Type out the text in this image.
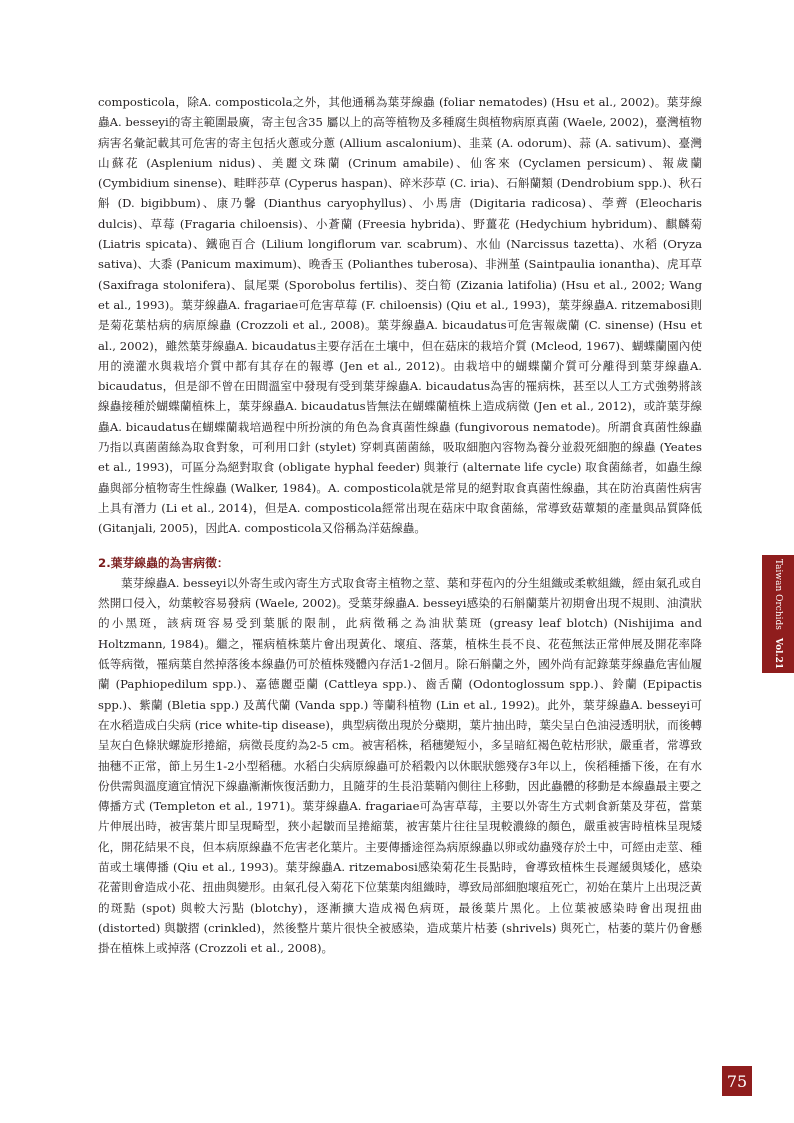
composticola，除A. composticola之外，其他通稱為葉芽線蟲 (foliar nematodes) (Hsu et al., 2002)。葉芽線蟲A. besseyi的寄主範圍最廣，寄主包含35 屬以上的高等植物及多種腐生與植物病原真菌 (Waele, 2002)，臺灣植物病害名彙記載其可危害的寄主包括火蔥或分蔥 (Allium ascalonium)、韭菜 (A. odorum)、蒜 (A. sativum)、臺灣山蘇花 (Asplenium nidus)、美麗文珠蘭 (Crinum amabile)、仙客來 (Cyclamen persicum)、報歲蘭 (Cymbidium sinense)、畦畔莎草 (Cyperus haspan)、碎米莎草 (C. iria)、石斛蘭類 (Dendrobium spp.)、秋石斛 (D. bigibbum)、康乃馨 (Dianthus caryophyllus)、小馬唐 (Digitaria radicosa)、荸薺 (Eleocharis dulcis)、草莓 (Fragaria chiloensis)、小蒼蘭 (Freesia hybrida)、野薑花 (Hedychium hybridum)、麒麟菊 (Liatris spicata)、鐵砲百合 (Lilium longiflorum var. scabrum)、水仙 (Narcissus tazetta)、水稻 (Oryza sativa)、大黍 (Panicum maximum)、晚香玉 (Polianthes tuberosa)、非洲堇 (Saintpaulia ionantha)、虎耳草 (Saxifraga stolonifera)、鼠尾粟 (Sporobolus fertilis)、茭白筍 (Zizania latifolia) (Hsu et al., 2002; Wang et al., 1993)。葉芽線蟲A. fragariae可危害草莓 (F. chiloensis) (Qiu et al., 1993)，葉芽線蟲A. ritzemabosi則是菊花葉枯病的病原線蟲 (Crozzoli et al., 2008)。葉芽線蟲A. bicaudatus可危害報歲蘭 (C. sinense) (Hsu et al., 2002)，雖然葉芽線蟲A. bicaudatus主要存活在土壤中，但在菇床的栽培介質 (Mcleod, 1967)、蝴蝶蘭園內使用的澆灌水與栽培介質中都有其存在的報導 (Jen et al., 2012)。由栽培中的蝴蝶蘭介質可分離得到葉芽線蟲A. bicaudatus，但是卻不曾在田間溫室中發現有受到葉芽線蟲A. bicaudatus為害的罹病株，甚至以人工方式強勢將該線蟲接種於蝴蝶蘭植株上，葉芽線蟲A. bicaudatus皆無法在蝴蝶蘭植株上造成病徵 (Jen et al., 2012)，或許葉芽線蟲A. bicaudatus在蝴蝶蘭栽培過程中所扮演的角色為食真菌性線蟲 (fungivorous nematode)。所謂食真菌性線蟲乃指以真菌菌絲為取食對象，可利用口針 (stylet) 穿刺真菌菌絲，吸取細胞內容物為養分並殺死細胞的線蟲 (Yeates et al., 1993)，可區分為絕對取食 (obligate hyphal feeder) 與兼行 (alternate life cycle) 取食菌絲者，如蟲生線蟲與部分植物寄生性線蟲 (Walker, 1984)。A. composticola就是常見的絕對取食真菌性線蟲，其在防治真菌性病害上具有潛力 (Li et al., 2014)，但是A. composticola經常出現在菇床中取食菌絲，常導致菇蕈類的產量與品質降低 (Gitanjali, 2005)，因此A. composticola又俗稱為洋菇線蟲。

2.葉芽線蟲的為害病徵：

葉芽線蟲A. besseyi以外寄生或內寄生方式取食寄主植物之莖、葉和芽苞內的分生組織或柔軟組織，經由氣孔或自然開口侵入，幼葉較容易發病 (Waele, 2002)。受葉芽線蟲A. besseyi感染的石斛蘭葉片初期會出現不規則、油漬狀的小黑斑，該病斑容易受到葉脈的限制，此病徵稱之為油狀葉斑 (greasy leaf blotch) (Nishijima and Holtzmann, 1984)。繼之，罹病植株葉片會出現黃化、壞疽、落葉，植株生長不良、花苞無法正常伸展及開花率降低等病徵，罹病葉自然掉落後本線蟲仍可於植株殘體內存活1-2個月。除石斛蘭之外，國外尚有記錄葉芽線蟲危害仙履蘭 (Paphiopedilum spp.)、嘉德麗亞蘭 (Cattleya spp.)、齒舌蘭 (Odontoglossum spp.)、鈴蘭 (Epipactis spp.)、紫蘭 (Bletia spp.) 及萬代蘭 (Vanda spp.) 等蘭科植物 (Lin et al., 1992)。此外，葉芽線蟲A. besseyi可在水稻造成白尖病 (rice white-tip disease)，典型病徵出現於分蘗期，葉片抽出時，葉尖呈白色油浸透明狀，而後轉呈灰白色條狀螺旋形捲縮，病徵長度約為2-5 cm。被害稻株，稻穗變短小，多呈暗紅褐色乾枯形狀，嚴重者，常導致抽穗不正常，節上另生1-2小型稻穗。水稻白尖病原線蟲可於稻穀內以休眠狀態殘存3年以上，俟稻種播下後，在有水份供需與溫度適宜情況下線蟲漸漸恢復活動力，且隨芽的生長沿葉鞘內側往上移動，因此蟲體的移動是本線蟲最主要之傳播方式 (Templeton et al., 1971)。葉芽線蟲A. fragariae可為害草莓，主要以外寄生方式刺食新葉及芽苞，當葉片伸展出時，被害葉片即呈現畸型，狹小起皺而呈捲縮葉，被害葉片往往呈現較濃綠的顏色，嚴重被害時植株呈現矮化，開花結果不良，但本病原線蟲不危害老化葉片。主要傳播途徑為病原線蟲以卵或幼蟲殘存於土中，可經由走莖、種苗或土壤傳播 (Qiu et al., 1993)。葉芽線蟲A. ritzemabosi感染菊花生長點時，會導致植株生長遲緩與矮化，感染花蕾則會造成小花、扭曲與變形。由氣孔侵入菊花下位葉葉肉組織時，導致局部細胞壞疽死亡，初始在葉片上出現泛黃的斑點 (spot) 與較大污點 (blotchy)，逐漸擴大造成褐色病斑，最後葉片黑化。上位葉被感染時會出現扭曲 (distorted) 與皺摺 (crinkled)，然後整片葉片很快全被感染，造成葉片枯萎 (shrivels) 與死亡，枯萎的葉片仍會懸掛在植株上或掉落 (Crozzoli et al., 2008)。

Taiwan OrchidsVol.21
75
